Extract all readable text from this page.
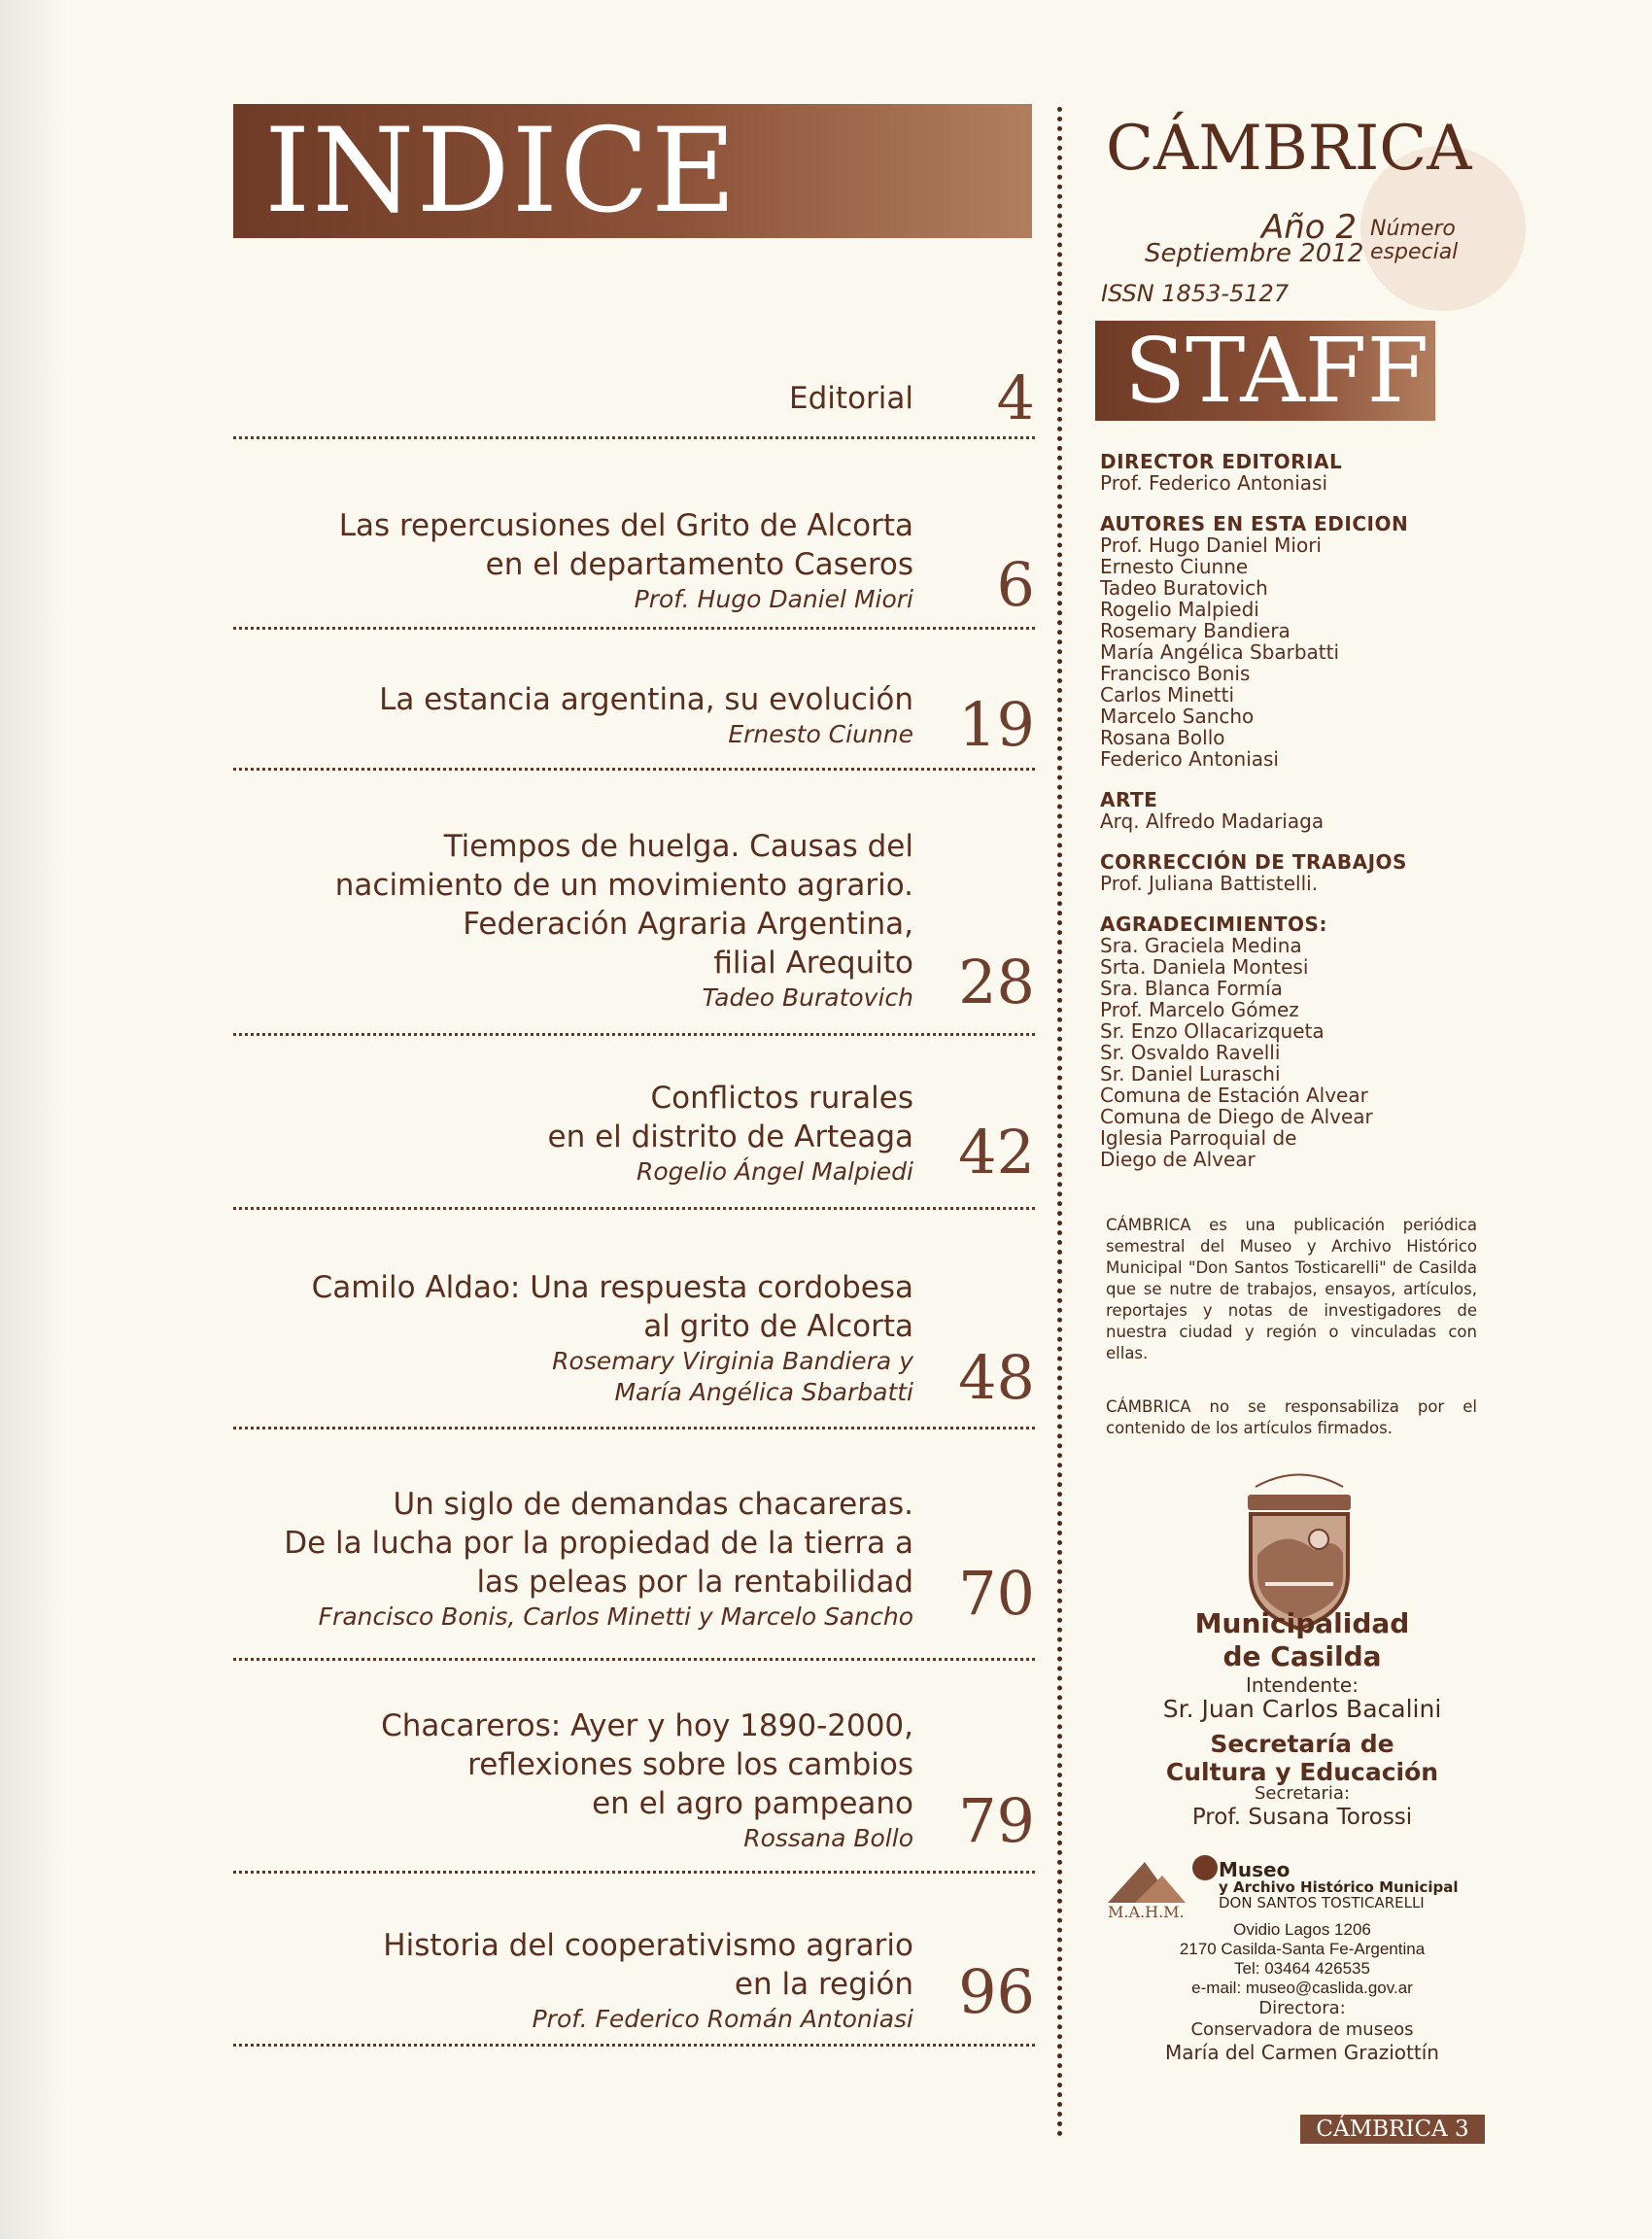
INDICE
Editorial 4
Las repercusiones del Grito de Alcorta
en el departamento Caseros
Prof. Hugo Daniel Miori 6
La estancia argentina, su evolución
Ernesto Ciunne 19
Tiempos de huelga. Causas del
nacimiento de un movimiento agrario.
Federación Agraria Argentina,
filial Arequito
Tadeo Buratovich 28
Conflictos rurales
en el distrito de Arteaga
Rogelio Ángel Malpiedi 42
Camilo Aldao: Una respuesta cordobesa
al grito de Alcorta
Rosemary Virginia Bandiera y
María Angélica Sbarbatti 48
Un siglo de demandas chacareras.
De la lucha por la propiedad de la tierra a
las peleas por la rentabilidad
Francisco Bonis, Carlos Minetti y Marcelo Sancho 70
Chacareros: Ayer y hoy 1890-2000,
reflexiones sobre los cambios
en el agro pampeano
Rossana Bollo 79
Historia del cooperativismo agrario
en la región
Prof. Federico Román Antoniasi 96
CÁMBRICA
Año 2
Septiembre 2012
Número
especial
ISSN 1853-5127
STAFF
DIRECTOR EDITORIAL
Prof. Federico Antoniasi
AUTORES EN ESTA EDICION
Prof. Hugo Daniel Miori
Ernesto Ciunne
Tadeo Buratovich
Rogelio Malpiedi
Rosemary Bandiera
María Angélica Sbarbatti
Francisco Bonis
Carlos Minetti
Marcelo Sancho
Rosana Bollo
Federico Antoniasi
ARTE
Arq. Alfredo Madariaga
CORRECCIÓN DE TRABAJOS
Prof. Juliana Battistelli.
AGRADECIMIENTOS:
Sra. Graciela Medina
Srta. Daniela Montesi
Sra. Blanca Formía
Prof. Marcelo Gómez
Sr. Enzo Ollacarizqueta
Sr. Osvaldo Ravelli
Sr. Daniel Luraschi
Comuna de Estación Alvear
Comuna de Diego de Alvear
Iglesia Parroquial de
Diego de Alvear
CÁMBRICA es una publicación periódica semestral del Museo y Archivo Histórico Municipal "Don Santos Tosticarelli" de Casilda que se nutre de trabajos, ensayos, artículos, reportajes y notas de investigadores de nuestra ciudad y región o vinculadas con ellas.
CÁMBRICA no se responsabiliza por el contenido de los artículos firmados.
Municipalidad
de Casilda
Intendente:
Sr. Juan Carlos Bacalini
Secretaría de
Cultura y Educación
Secretaria:
Prof. Susana Torossi
M.A.H.M.
Museo
y Archivo Histórico Municipal
DON SANTOS TOSTICARELLI
Ovidio Lagos 1206
2170 Casilda-Santa Fe-Argentina
Tel: 03464 426535
e-mail: museo@caslida.gov.ar
Directora:
Conservadora de museos
María del Carmen Graziottín
CÁMBRICA 3
